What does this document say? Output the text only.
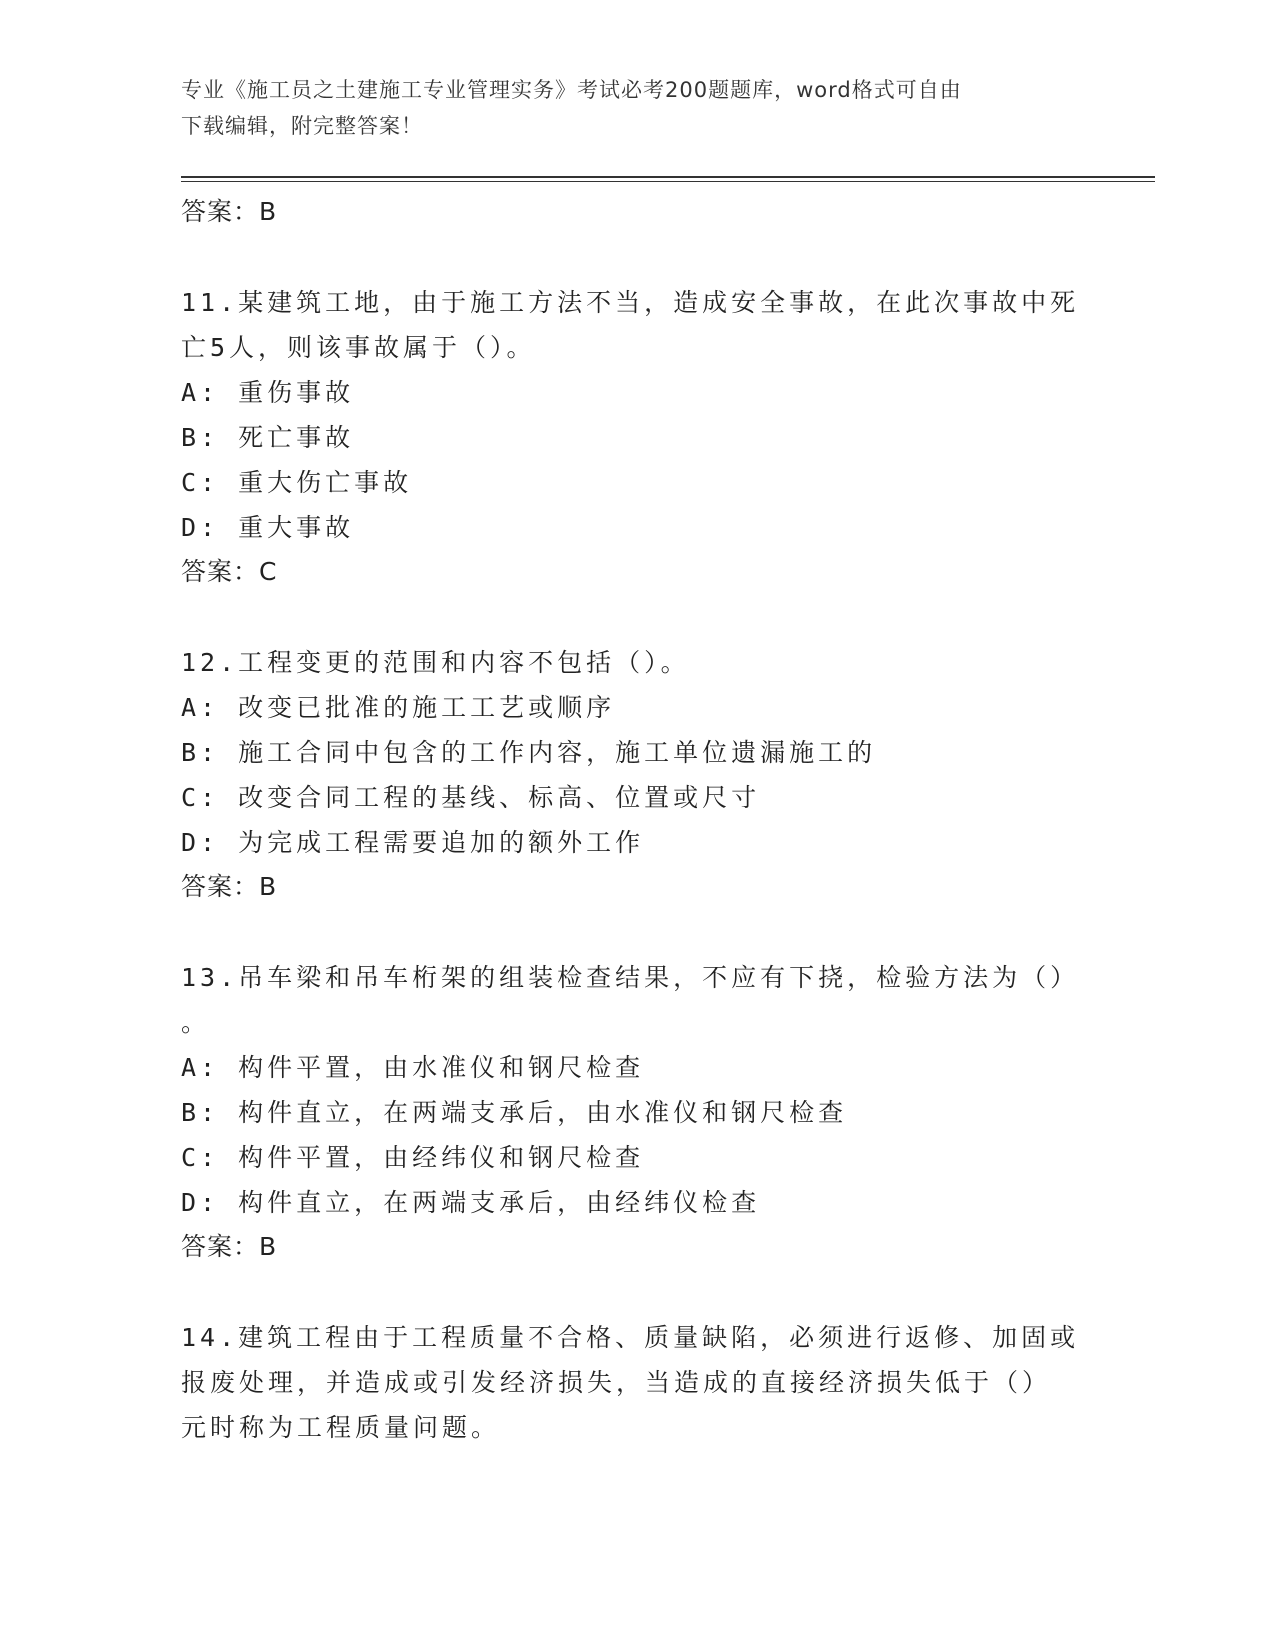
专业《施工员之土建施工专业管理实务》考试必考200题题库，word格式可自由
下载编辑，附完整答案！
答案：B
11.某建筑工地，由于施工方法不当，造成安全事故，在此次事故中死
亡5人，则该事故属于（）。
A: 重伤事故
B: 死亡事故
C: 重大伤亡事故
D: 重大事故
答案：C
12.工程变更的范围和内容不包括（）。
A: 改变已批准的施工工艺或顺序
B: 施工合同中包含的工作内容，施工单位遗漏施工的
C: 改变合同工程的基线、标高、位置或尺寸
D: 为完成工程需要追加的额外工作
答案：B
13.吊车梁和吊车桁架的组装检查结果，不应有下挠，检验方法为（）
。
A: 构件平置，由水准仪和钢尺检查
B: 构件直立，在两端支承后，由水准仪和钢尺检查
C: 构件平置，由经纬仪和钢尺检查
D: 构件直立，在两端支承后，由经纬仪检查
答案：B
14.建筑工程由于工程质量不合格、质量缺陷，必须进行返修、加固或
报废处理，并造成或引发经济损失，当造成的直接经济损失低于（）
元时称为工程质量问题。
